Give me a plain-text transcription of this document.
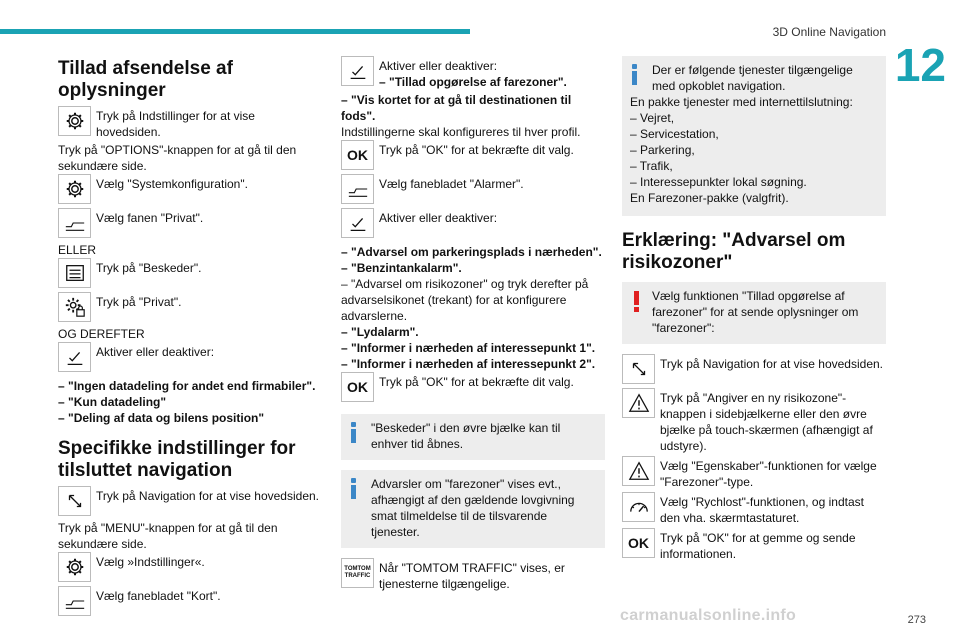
3D Online Navigation
12
Tillad afsendelse af oplysninger
Tryk på Indstillinger for at vise hovedsiden.
Tryk på "OPTIONS"-knappen for at gå til den sekundære side.
Vælg "Systemkonfiguration".
Vælg fanen "Privat".
ELLER
Tryk på "Beskeder".
Tryk på "Privat".
OG DEREFTER
Aktiver eller deaktiver:
– "Ingen datadeling for andet end firmabiler".
– "Kun datadeling"
– "Deling af data og bilens position"
Specifikke indstillinger for tilsluttet navigation
Tryk på Navigation for at vise hovedsiden.
Tryk på "MENU"-knappen for at gå til den sekundære side.
Vælg »Indstillinger«.
Vælg fanebladet "Kort".
Aktiver eller deaktiver:
– "Tillad opgørelse af farezoner".
– "Vis kortet for at gå til destinationen til fods".
Indstillingerne skal konfigureres til hver profil.
OK Tryk på "OK" for at bekræfte dit valg.
Vælg fanebladet "Alarmer".
Aktiver eller deaktiver:
– "Advarsel om parkeringsplads i nærheden".
– "Benzintankalarm".
– "Advarsel om risikozoner" og tryk derefter på advarselsikonet (trekant) for at konfigurere advarslerne.
– "Lydalarm".
– "Informer i nærheden af interessepunkt 1".
– "Informer i nærheden af interessepunkt 2".
OK Tryk på "OK" for at bekræfte dit valg.
"Beskeder" i den øvre bjælke kan til enhver tid åbnes.
Advarsler om "farezoner" vises evt., afhængigt af den gældende lovgivning smat tilmeldelse til de tilsvarende tjenester.
TOMTOM TRAFFIC
Når "TOMTOM TRAFFIC" vises, er tjenesterne tilgængelige.
Der er følgende tjenester tilgængelige med opkoblet navigation.
En pakke tjenester med internettilslutning:
– Vejret,
– Servicestation,
– Parkering,
– Trafik,
– Interessepunkter lokal søgning.
En Farezoner-pakke (valgfrit).
Erklæring: "Advarsel om risikozoner"
Vælg funktionen "Tillad opgørelse af farezoner" for at sende oplysninger om "farezoner":
Tryk på Navigation for at vise hovedsiden.
Tryk på "Angiver en ny risikozone"-knappen i sidebjælkerne eller den øvre bjælke på touch-skærmen (afhængigt af udstyre).
Vælg "Egenskaber"-funktionen for vælge "Farezoner"-type.
Vælg "Rychlost"-funktionen, og indtast den vha. skærmtastaturet.
OK Tryk på "OK" for at gemme og sende informationen.
carmanualsonline.info	273
